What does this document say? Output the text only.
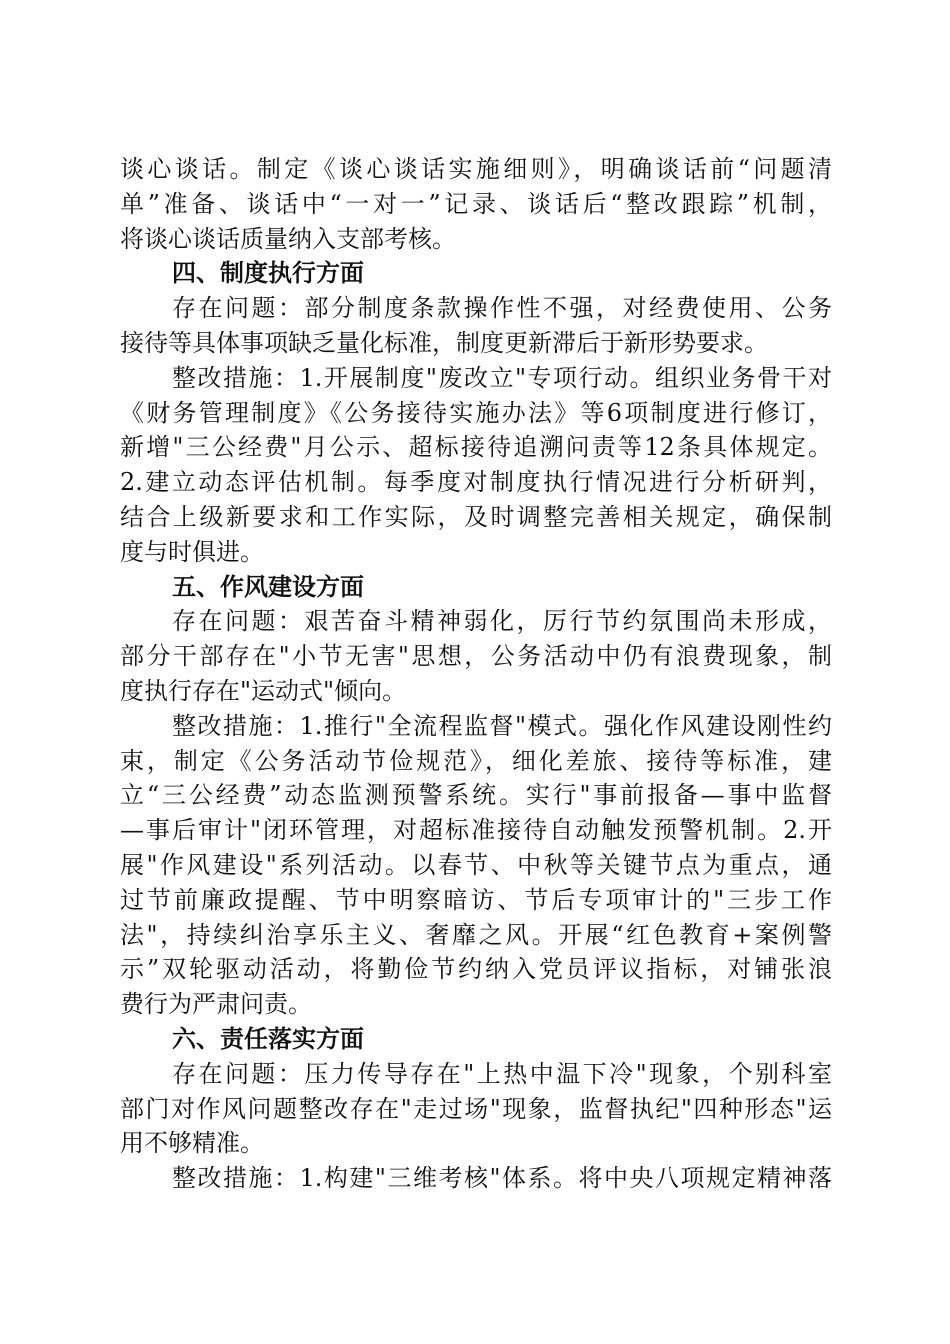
谈心谈话。制定《谈心谈话实施细则》，明确谈话前“问题清
单”准备、谈话中“一对一”记录、谈话后“整改跟踪”机制，
将谈心谈话质量纳入支部考核。
四、制度执行方面
存在问题：部分制度条款操作性不强，对经费使用、公务
接待等具体事项缺乏量化标准，制度更新滞后于新形势要求。
整改措施：1.开展制度"废改立"专项行动。组织业务骨干对
《财务管理制度》《公务接待实施办法》等6项制度进行修订，
新增"三公经费"月公示、超标接待追溯问责等12条具体规定。
2.建立动态评估机制。每季度对制度执行情况进行分析研判，
结合上级新要求和工作实际，及时调整完善相关规定，确保制
度与时俱进。
五、作风建设方面
存在问题：艰苦奋斗精神弱化，厉行节约氛围尚未形成，
部分干部存在"小节无害"思想，公务活动中仍有浪费现象，制
度执行存在"运动式"倾向。
整改措施：1.推行"全流程监督"模式。强化作风建设刚性约
束，制定《公务活动节俭规范》，细化差旅、接待等标准，建
立“三公经费”动态监测预警系统。实行"事前报备—事中监督
—事后审计"闭环管理，对超标准接待自动触发预警机制。2.开
展"作风建设"系列活动。以春节、中秋等关键节点为重点，通
过节前廉政提醒、节中明察暗访、节后专项审计的"三步工作
法"，持续纠治享乐主义、奢靡之风。开展“红色教育+案例警
示”双轮驱动活动，将勤俭节约纳入党员评议指标，对铺张浪
费行为严肃问责。
六、责任落实方面
存在问题：压力传导存在"上热中温下冷"现象，个别科室
部门对作风问题整改存在"走过场"现象，监督执纪"四种形态"运
用不够精准。
整改措施：1.构建"三维考核"体系。将中央八项规定精神落
